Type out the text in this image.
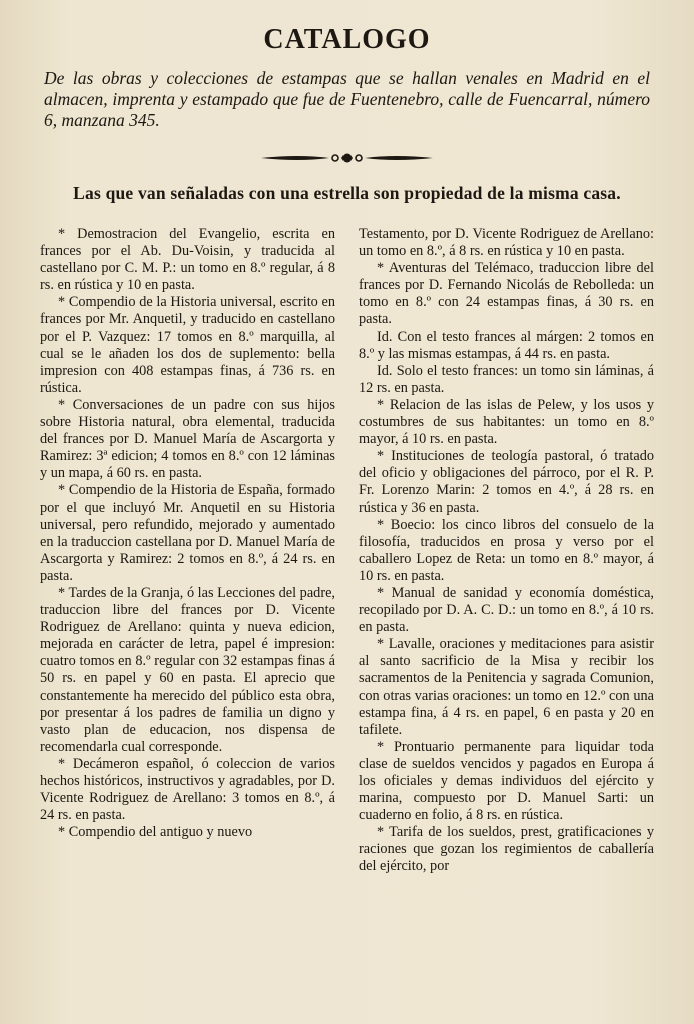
CATALOGO

De las obras y colecciones de estampas que se hallan venales en Madrid en el almacen, imprenta y estampado que fue de Fuentenebro, calle de Fuencarral, número 6, manzana 345.

Las que van señaladas con una estrella son propiedad de la misma casa.

* Demostracion del Evangelio, escrita en frances por el Ab. Du-Voisin, y traducida al castellano por C. M. P.: un tomo en 8.º regular, á 8 rs. en rústica y 10 en pasta.

* Compendio de la Historia universal, escrito en frances por Mr. Anquetil, y traducido en castellano por el P. Vazquez: 17 tomos en 8.º marquilla, al cual se le añaden los dos de suplemento: bella impresion con 408 estampas finas, á 736 rs. en rústica.

* Conversaciones de un padre con sus hijos sobre Historia natural, obra elemental, traducida del frances por D. Manuel María de Ascargorta y Ramirez: 3ª edicion; 4 tomos en 8.º con 12 láminas y un mapa, á 60 rs. en pasta.

* Compendio de la Historia de España, formado por el que incluyó Mr. Anquetil en su Historia universal, pero refundido, mejorado y aumentado en la traduccion castellana por D. Manuel María de Ascargorta y Ramirez: 2 tomos en 8.º, á 24 rs. en pasta.

* Tardes de la Granja, ó las Lecciones del padre, traduccion libre del frances por D. Vicente Rodriguez de Arellano: quinta y nueva edicion, mejorada en carácter de letra, papel é impresion: cuatro tomos en 8.º regular con 32 estampas finas á 50 rs. en papel y 60 en pasta. El aprecio que constantemente ha merecido del público esta obra, por presentar á los padres de familia un digno y vasto plan de educacion, nos dispensa de recomendarla cual corresponde.

* Decámeron español, ó coleccion de varios hechos históricos, instructivos y agradables, por D. Vicente Rodriguez de Arellano: 3 tomos en 8.º, á 24 rs. en pasta.

* Compendio del antiguo y nuevo

Testamento, por D. Vicente Rodriguez de Arellano: un tomo en 8.º, á 8 rs. en rústica y 10 en pasta.

* Aventuras del Telémaco, traduccion libre del frances por D. Fernando Nicolás de Rebolleda: un tomo en 8.º con 24 estampas finas, á 30 rs. en pasta.

Id. Con el testo frances al márgen: 2 tomos en 8.º y las mismas estampas, á 44 rs. en pasta.

Id. Solo el testo frances: un tomo sin láminas, á 12 rs. en pasta.

* Relacion de las islas de Pelew, y los usos y costumbres de sus habitantes: un tomo en 8.º mayor, á 10 rs. en pasta.

* Instituciones de teología pastoral, ó tratado del oficio y obligaciones del párroco, por el R. P. Fr. Lorenzo Marin: 2 tomos en 4.º, á 28 rs. en rústica y 36 en pasta.

* Boecio: los cinco libros del consuelo de la filosofía, traducidos en prosa y verso por el caballero Lopez de Reta: un tomo en 8.º mayor, á 10 rs. en pasta.

* Manual de sanidad y economía doméstica, recopilado por D. A. C. D.: un tomo en 8.º, á 10 rs. en pasta.

* Lavalle, oraciones y meditaciones para asistir al santo sacrificio de la Misa y recibir los sacramentos de la Penitencia y sagrada Comunion, con otras varias oraciones: un tomo en 12.º con una estampa fina, á 4 rs. en papel, 6 en pasta y 20 en tafilete.

* Prontuario permanente para liquidar toda clase de sueldos vencidos y pagados en Europa á los oficiales y demas individuos del ejército y marina, compuesto por D. Manuel Sarti: un cuaderno en folio, á 8 rs. en rústica.

* Tarifa de los sueldos, prest, gratificaciones y raciones que gozan los regimientos de caballería del ejército, por
